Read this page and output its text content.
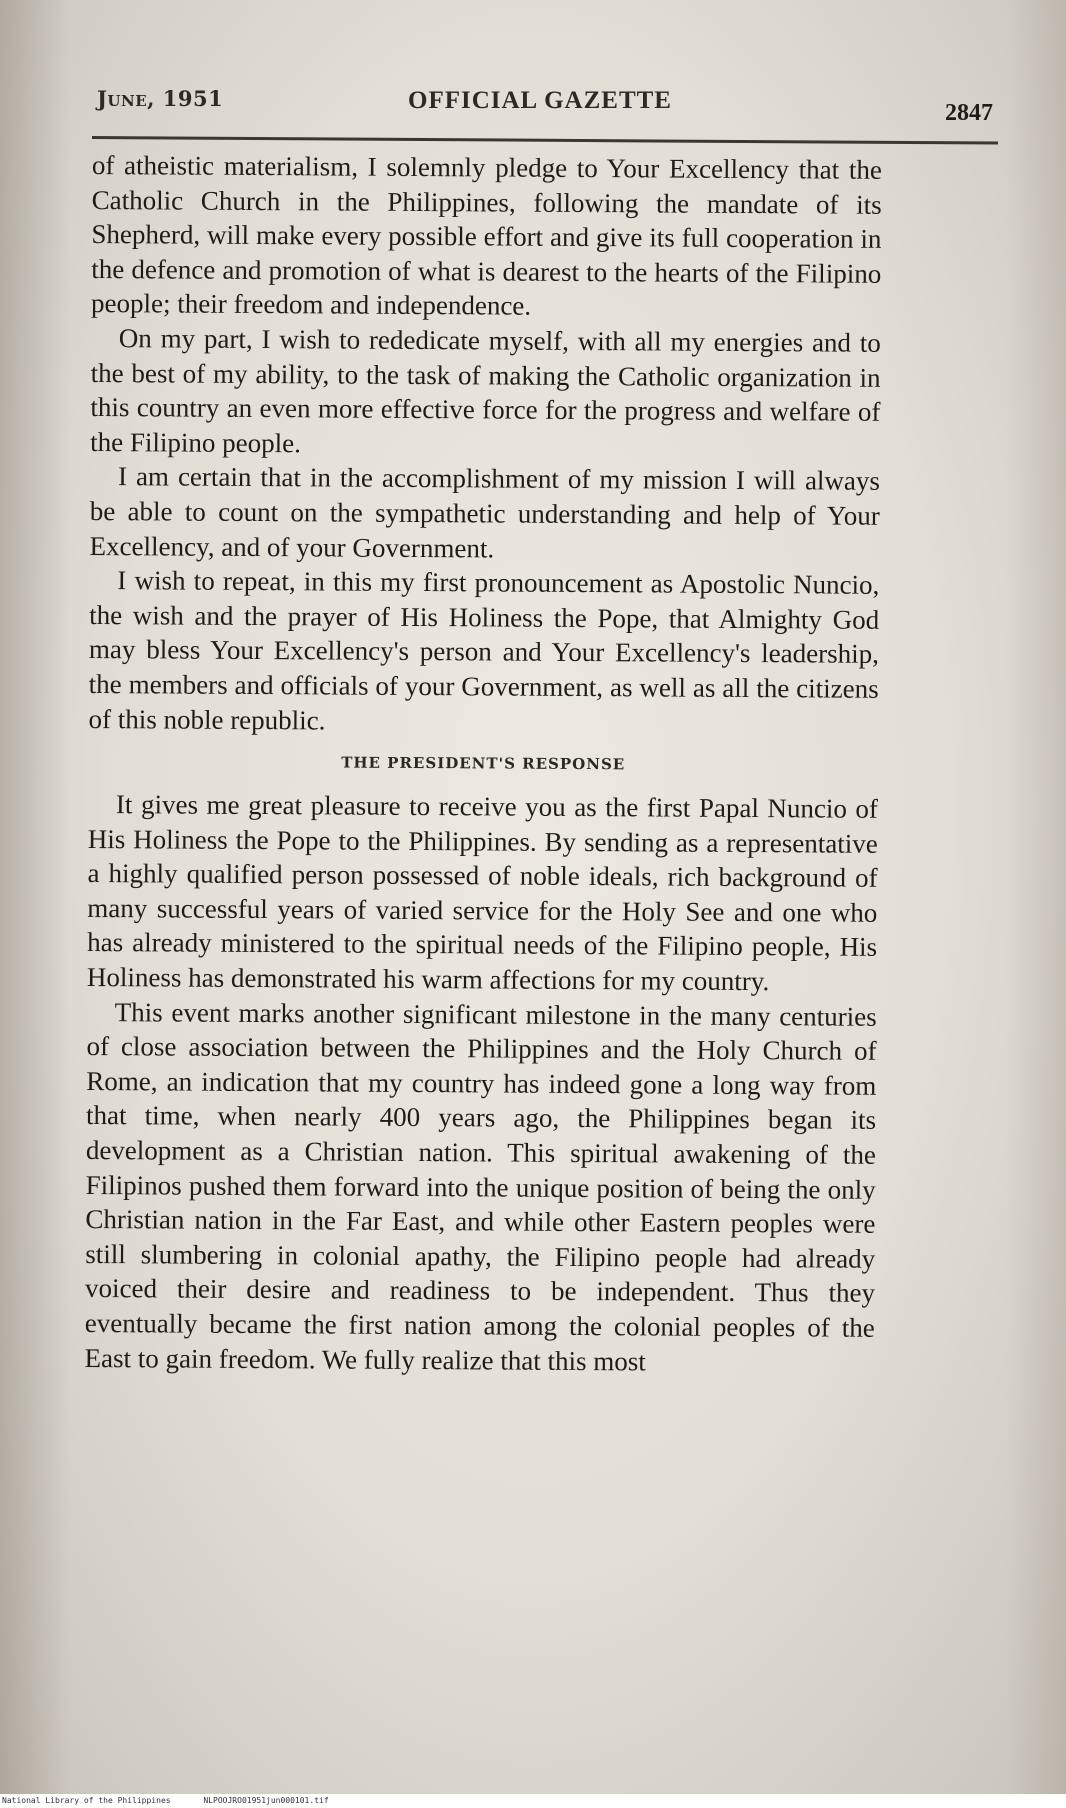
June, 1951	OFFICIAL GAZETTE	2847

of atheistic materialism, I solemnly pledge to Your Excellency that the Catholic Church in the Philippines, following the mandate of its Shepherd, will make every possible effort and give its full cooperation in the defence and promotion of what is dearest to the hearts of the Filipino people; their freedom and independence.

On my part, I wish to rededicate myself, with all my energies and to the best of my ability, to the task of making the Catholic organization in this country an even more effective force for the progress and welfare of the Filipino people.

I am certain that in the accomplishment of my mission I will always be able to count on the sympathetic understanding and help of Your Excellency, and of your Government.

I wish to repeat, in this my first pronouncement as Apostolic Nuncio, the wish and the prayer of His Holiness the Pope, that Almighty God may bless Your Excellency's person and Your Excellency's leadership, the members and officials of your Government, as well as all the citizens of this noble republic.

THE PRESIDENT'S RESPONSE

It gives me great pleasure to receive you as the first Papal Nuncio of His Holiness the Pope to the Philippines. By sending as a representative a highly qualified person possessed of noble ideals, rich background of many successful years of varied service for the Holy See and one who has already ministered to the spiritual needs of the Filipino people, His Holiness has demonstrated his warm affections for my country.

This event marks another significant milestone in the many centuries of close association between the Philippines and the Holy Church of Rome, an indication that my country has indeed gone a long way from that time, when nearly 400 years ago, the Philippines began its development as a Christian nation. This spiritual awakening of the Filipinos pushed them forward into the unique position of being the only Christian nation in the Far East, and while other Eastern peoples were still slumbering in colonial apathy, the Filipino people had already voiced their desire and readiness to be independent. Thus they eventually became the first nation among the colonial peoples of the East to gain freedom. We fully realize that this most

National Library of the Philippines	NLPOOJRO01951jun000101.tif
